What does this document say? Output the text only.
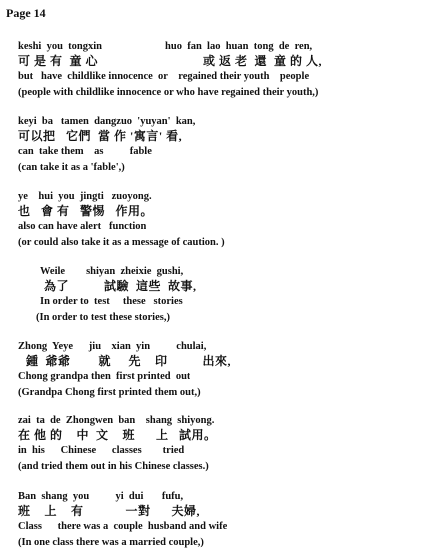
Page 14
keshi  you  tongxin                        huo  fan  lao  huan  tong  de  ren,
可 是 有  童 心                              或 返 老  還  童 的 人,
but   have  childlike innocence  or    regained their youth    people
(people with childlike innocence or who have regained their youth,)
keyi  ba   tamen  dangzuo  'yuyan'  kan,
可以把   它們  當 作 '寓言' 看,
can  take them    as          fable
(can take it as a 'fable',)
ye    hui  you  jingti   zuoyong.
也   會 有   警惕   作用。
also can have alert   function
(or could also take it as a message of caution. )
Weile        shiyan  zheixie  gushi,
為了          試驗  這些  故事,
In order to  test     these   stories
(In order to test these stories,)
Zhong  Yeye      jiu    xian  yin          chulai,
鍾  爺爺        就     先    印          出來,
Chong grandpa then  first printed  out
(Grandpa Chong first printed them out,)
zai  ta  de  Zhongwen  ban    shang  shiyong.
在 他 的    中  文    班      上   試用。
in  his      Chinese      classes        tried
(and tried them out in his Chinese classes.)
Ban  shang  you          yi  dui       fufu,
班    上    有            一對      夫婦,
Class      there was a  couple  husband and wife
(In one class there was a married couple,)
